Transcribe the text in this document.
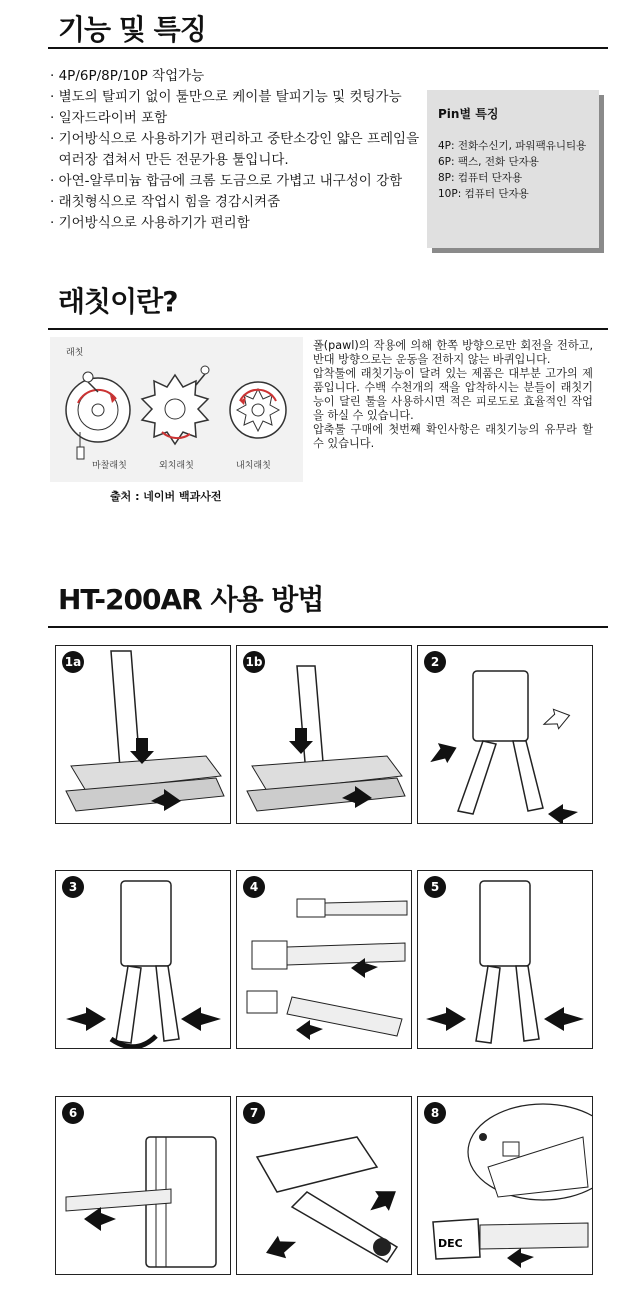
기능 및 특징
· 4P/6P/8P/10P 작업가능
· 별도의 탈피기 없이 툴만으로 케이블 탈피기능 및 컷팅가능
· 일자드라이버 포함
· 기어방식으로 사용하기가 편리하고 중탄소강인 얇은 프레임을
여러장 겹쳐서 만든 전문가용 툴입니다.
· 아연-알루미늄 합금에 크롬 도금으로 가볍고 내구성이 강함
· 래칫형식으로 작업시 힘을 경감시켜줌
· 기어방식으로 사용하기가 편리함
Pin별 특징
4P: 전화수신기, 파워팩유니티용
6P: 팩스, 전화 단자용
8P: 컴퓨터 단자용
10P: 컴퓨터 단자용
래칫이란?
래칫
마찰래칫	외치래칫	내치래칫
폴(pawl)의 작용에 의해 한쪽 방향으로만 회전을 전하고, 반대 방향으로는 운동을 전하지 않는 바퀴입니다.
압착툴에 래칫기능이 달려 있는 제품은 대부분 고가의 제품입니다. 수백 수천개의 잭을 압착하시는 분들이 래칫기능이 달린 툴을 사용하시면 적은 피로도로 효율적인 작업을 하실 수 있습니다.
압축툴 구매에 첫번째 확인사항은 래칫기능의 유무라 할 수 있습니다.
출처 : 네이버 백과사전
HT-200AR 사용 방법
1a	1b	2
3	4	5
6	7
DEC
8
